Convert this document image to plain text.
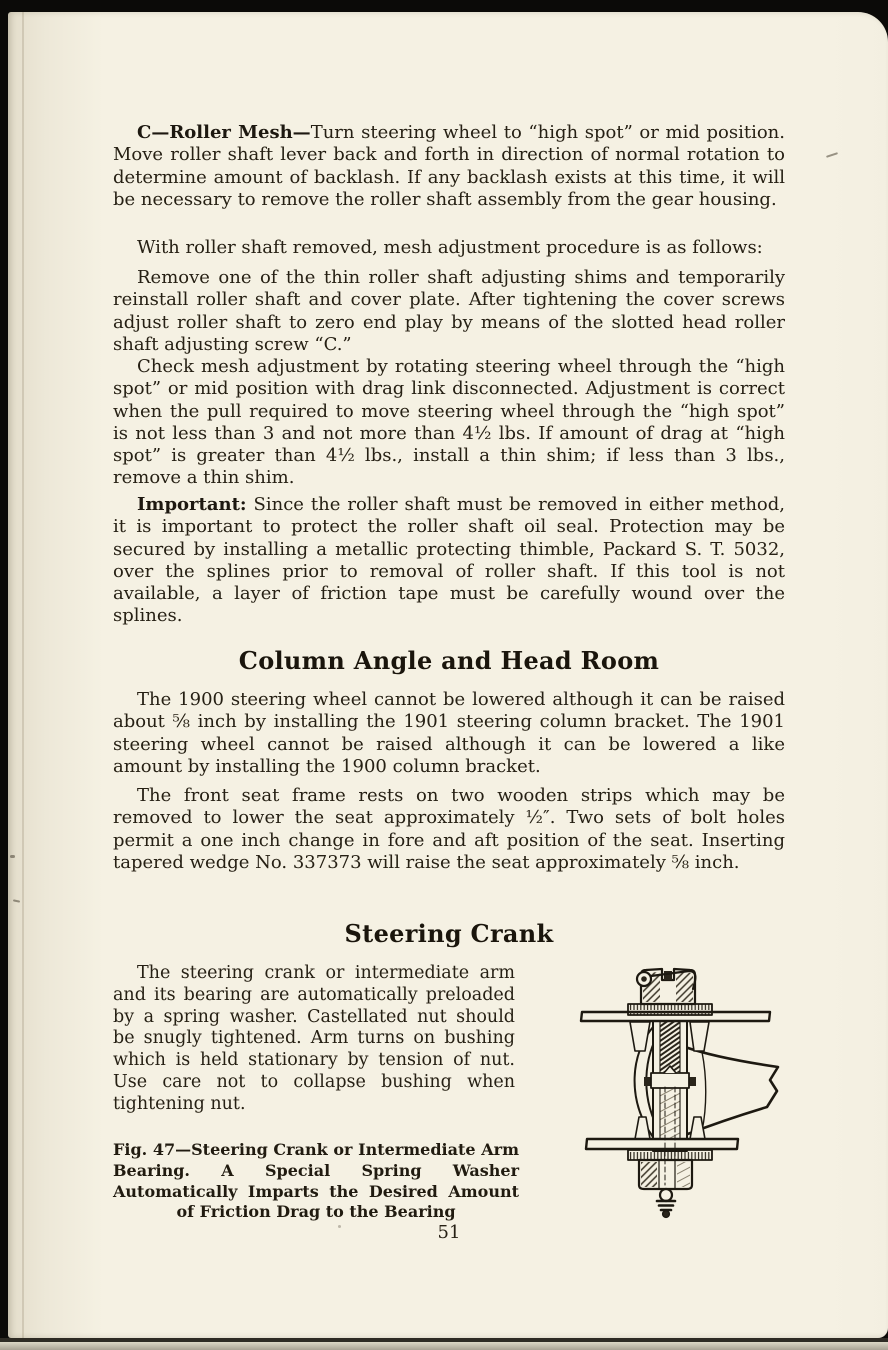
C—Roller Mesh—Turn steering wheel to “high spot” or mid position. Move roller shaft lever back and forth in direction of normal rotation to determine amount of backlash. If any backlash exists at this time, it will be necessary to remove the roller shaft assembly from the gear housing.

With roller shaft removed, mesh adjustment procedure is as follows:

Remove one of the thin roller shaft adjusting shims and temporarily reinstall roller shaft and cover plate. After tightening the cover screws adjust roller shaft to zero end play by means of the slotted head roller shaft adjusting screw “C.”

Check mesh adjustment by rotating steering wheel through the “high spot” or mid position with drag link disconnected. Adjustment is correct when the pull required to move steering wheel through the “high spot” is not less than 3 and not more than 4½ lbs. If amount of drag at “high spot” is greater than 4½ lbs., install a thin shim; if less than 3 lbs., remove a thin shim.

Important: Since the roller shaft must be removed in either method, it is important to protect the roller shaft oil seal. Protection may be secured by installing a metallic protecting thimble, Packard S. T. 5032, over the splines prior to removal of roller shaft. If this tool is not available, a layer of friction tape must be carefully wound over the splines.

Column Angle and Head Room

The 1900 steering wheel cannot be lowered although it can be raised about ⅝ inch by installing the 1901 steering column bracket. The 1901 steering wheel cannot be raised although it can be lowered a like amount by installing the 1900 column bracket.

The front seat frame rests on two wooden strips which may be removed to lower the seat approximately ½″. Two sets of bolt holes permit a one inch change in fore and aft position of the seat. Inserting tapered wedge No. 337373 will raise the seat approximately ⅝ inch.

Steering Crank

The steering crank or intermediate arm and its bearing are automatically preloaded by a spring washer. Castellated nut should be snugly tightened. Arm turns on bushing which is held stationary by tension of nut. Use care not to collapse bushing when tightening nut.

Fig. 47—Steering Crank or Intermediate Arm Bearing. A Special Spring Washer Automatically Imparts the Desired Amount of Friction Drag to the Bearing

51
